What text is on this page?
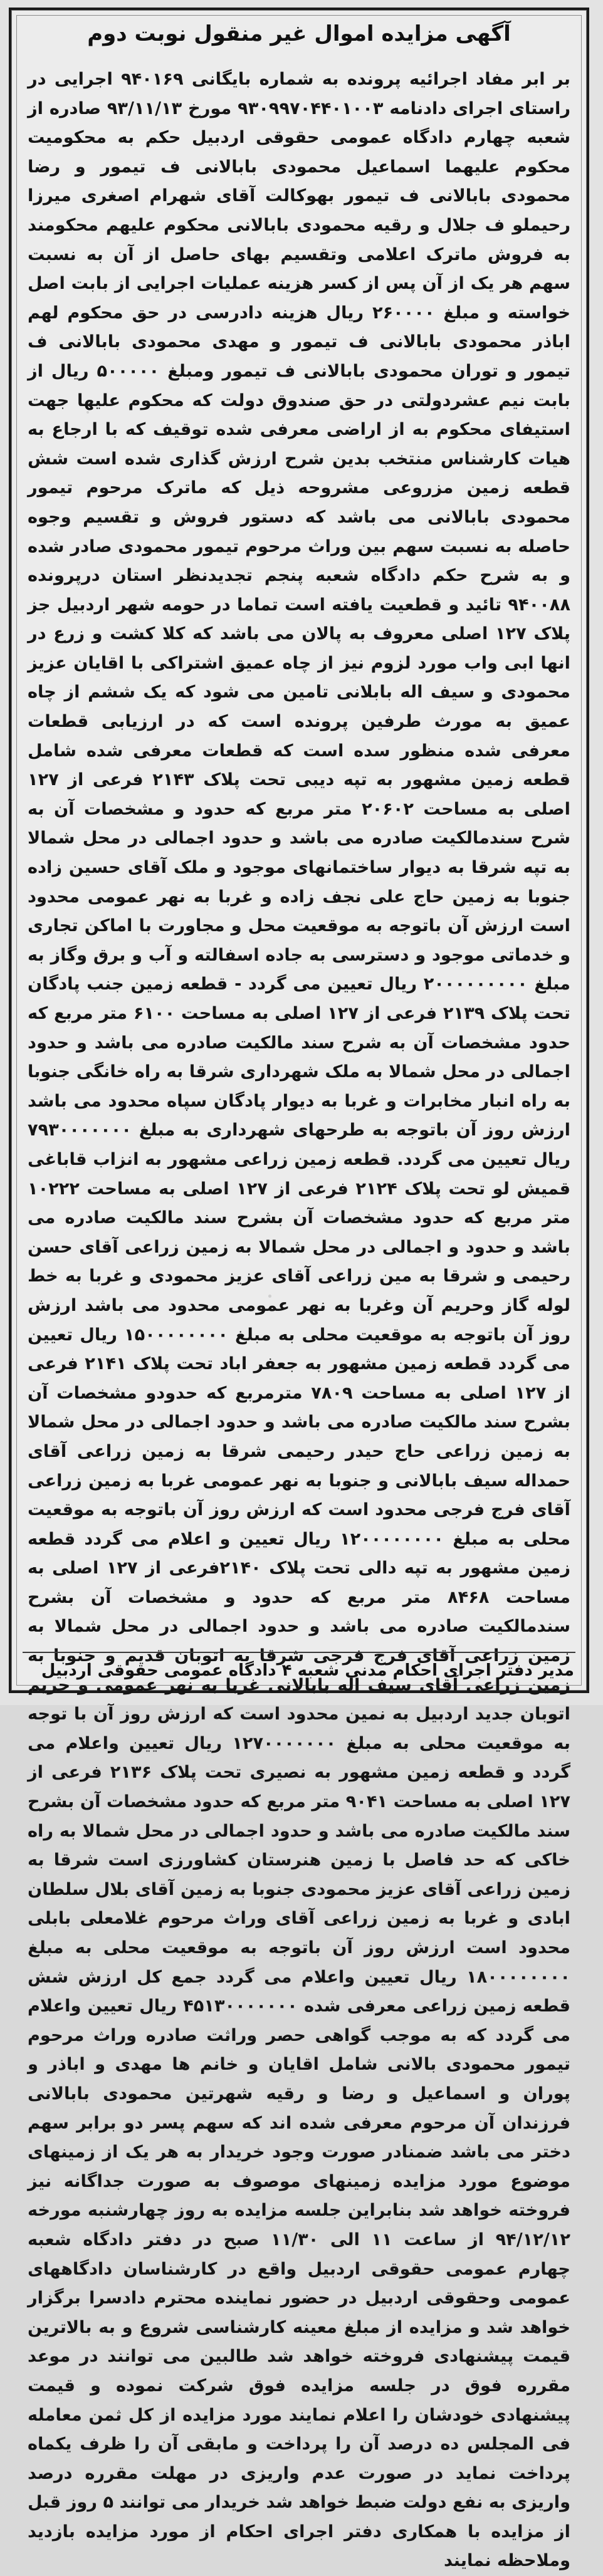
آگهی مزایده اموال غیر منقول نوبت دوم

بر ابر مفاد اجرائیه پرونده به شماره بایگانی ۹۴۰۱۶۹ اجرایی در راستای اجرای دادنامه ۹۳۰۹۹۷۰۴۴۰۱۰۰۳ مورخ ۹۳/۱۱/۱۳ صادره از شعبه چهارم دادگاه عمومی حقوقی اردبیل حکم به محکومیت محکوم علیهما اسماعیل محمودی بابالانی ف تیمور و رضا محمودی بابالانی ف تیمور بهوکالت آقای شهرام اصغری میرزا رحیملو ف جلال و رقیه محمودی بابالانی محکوم علیهم محکومند به فروش ماترک اعلامی وتقسیم بهای حاصل از آن به نسبت سهم هر یک از آن پس از کسر هزینه عملیات اجرایی از بابت اصل خواسته و مبلغ ۲۶۰۰۰۰ ریال هزینه دادرسی در حق محکوم لهم اباذر محمودی بابالانی ف تیمور و مهدی محمودی بابالانی ف تیمور و توران محمودی بابالانی ف تیمور ومبلغ ۵۰۰۰۰۰ ریال از بابت نیم عشردولتی در حق صندوق دولت که محکوم علیها جهت استیفای محکوم به از اراضی معرفی شده توقیف که با ارجاع به هیات کارشناس منتخب بدین شرح ارزش گذاری شده است شش قطعه زمین مزروعی مشروحه ذیل که ماترک مرحوم تیمور محمودی بابالانی می باشد که دستور فروش و تقسیم وجوه حاصله به نسبت سهم بین وراث مرحوم تیمور محمودی صادر شده و به شرح حکم دادگاه شعبه پنجم تجدیدنظر استان درپرونده ۹۴۰۰۸۸ تائید و قطعیت یافته است تماما در حومه شهر اردبیل جز پلاک ۱۲۷ اصلی معروف به پالان می باشد که کلا کشت و زرع در انها ابی واب مورد لزوم نیز از چاه عمیق اشتراکی با اقایان عزیز محمودی و سیف اله بابلانی تامین می شود که یک ششم از چاه عمیق به مورث طرفین پرونده است که در ارزیابی قطعات معرفی شده منظور سده است که قطعات معرفی شده شامل قطعه زمین مشهور به تپه دیبی تحت پلاک ۲۱۴۳ فرعی از ۱۲۷ اصلی به مساحت ۲۰۶۰۲ متر مربع که حدود و مشخصات آن به شرح سندمالکیت صادره می باشد و حدود اجمالی در محل شمالا به تپه شرقا به دیوار ساختمانهای موجود و ملک آقای حسین زاده جنوبا به زمین حاج علی نجف زاده و غربا به نهر عمومی محدود است ارزش آن باتوجه به موقعیت محل و مجاورت با اماکن تجاری و خدماتی موجود و دسترسی به جاده اسفالته و آب و برق وگاز به مبلغ ۲۰۰۰۰۰۰۰۰۰ ریال تعیین می گردد - قطعه زمین جنب پادگان تحت پلاک ۲۱۳۹ فرعی از ۱۲۷ اصلی به مساحت ۶۱۰۰ متر مربع که حدود مشخصات آن به شرح سند مالکیت صادره می باشد و حدود اجمالی در محل شمالا به ملک شهرداری شرقا به راه خانگی جنوبا به راه انبار مخابرات و غربا به دیوار پادگان سپاه محدود می باشد ارزش روز آن باتوجه به طرحهای شهرداری به مبلغ ۷۹۳۰۰۰۰۰۰۰ ریال تعیین می گردد. قطعه زمین زراعی مشهور به انزاب قاباغی قمیش لو تحت پلاک ۲۱۲۴ فرعی از ۱۲۷ اصلی به مساحت ۱۰۲۲۲ متر مربع که حدود مشخصات آن بشرح سند مالکیت صادره می باشد و حدود و اجمالی در محل شمالا به زمین زراعی آقای حسن رحیمی و شرقا به مین زراعی آقای عزیز محمودی و غربا به خط لوله گاز وحریم آن وغربا به نهر عمومی محدود می باشد ارزش روز آن باتوجه به موقعیت محلی به مبلغ ۱۵۰۰۰۰۰۰۰۰ ریال تعیین می گردد قطعه زمین مشهور به جعفر اباد تحت پلاک ۲۱۴۱ فرعی از ۱۲۷ اصلی به مساحت ۷۸۰۹ مترمربع که حدودو مشخصات آن بشرح سند مالکیت صادره می باشد و حدود اجمالی در محل شمالا به زمین زراعی حاج حیدر رحیمی شرقا به زمین زراعی آقای حمداله سیف بابالانی و جنوبا به نهر عمومی غربا به زمین زراعی آقای فرج فرجی محدود است که ارزش روز آن باتوجه به موقعیت محلی به مبلغ ۱۲۰۰۰۰۰۰۰۰ ریال تعیین و اعلام می گردد قطعه زمین مشهور به تپه دالی تحت پلاک ۲۱۴۰فرعی از ۱۲۷ اصلی به مساحت ۸۴۶۸ متر مربع که حدود و مشخصات آن بشرح سندمالکیت صادره می باشد و حدود اجمالی در محل شمالا به زمین زراعی آقای فرج فرجی شرقا به اتوبان قدیم و جنوبا به زمین زراعی آقای سیف اله بابالانی غربا به نهر عمومی و حریم اتوبان جدید اردبیل به نمین محدود است که ارزش روز آن با توجه به موقعیت محلی به مبلغ ۱۲۷۰۰۰۰۰۰۰ ریال تعیین واعلام می گردد و قطعه زمین مشهور به نصیری تحت پلاک ۲۱۳۶ فرعی از ۱۲۷ اصلی به مساحت ۹۰۴۱ متر مربع که حدود مشخصات آن بشرح سند مالکیت صادره می باشد و حدود اجمالی در محل شمالا به راه خاکی که حد فاصل با زمین هنرستان کشاورزی است شرقا به زمین زراعی آقای عزیز محمودی جنوبا به زمین آقای بلال سلطان ابادی و غربا به زمین زراعی آقای وراث مرحوم غلامعلی بابلی محدود است ارزش روز آن باتوجه به موقعیت محلی به مبلغ ۱۸۰۰۰۰۰۰۰۰ ریال تعیین واعلام می گردد جمع کل ارزش شش قطعه زمین زراعی معرفی شده ۴۵۱۳۰۰۰۰۰۰۰ ریال تعیین واعلام می گردد که به موجب گواهی حصر وراثت صادره وراث مرحوم تیمور محمودی بالانی شامل اقایان و خانم ها مهدی و اباذر و پوران و اسماعیل و رضا و رقیه شهرتین محمودی بابالانی فرزندان آن مرحوم معرفی شده اند که سهم پسر دو برابر سهم دختر می باشد ضمنادر صورت وجود خریدار به هر یک از زمینهای موضوع مورد مزایده زمینهای موصوف به صورت جداگانه نیز فروخته خواهد شد بنابراین جلسه مزایده به روز چهارشنبه مورخه ۹۴/۱۲/۱۲ از ساعت ۱۱ الی ۱۱/۳۰ صبح در دفتر دادگاه شعبه چهارم عمومی حقوقی اردبیل واقع در کارشناسان دادگاههای عمومی وحقوقی اردبیل در حضور نماینده محترم دادسرا برگزار خواهد شد و مزایده از مبلغ معینه کارشناسی شروع و به بالاترین قیمت پیشنهادی فروخته خواهد شد طالبین می توانند در موعد مقرره فوق در جلسه مزایده فوق شرکت نموده و قیمت پیشنهادی خودشان را اعلام نمایند مورد مزایده از کل ثمن معامله فی المجلس ده درصد آن را پرداخت و مابقی آن را ظرف یکماه پرداخت نماید در صورت عدم واریزی در مهلت مقرره درصد واریزی به نفع دولت ضبط خواهد شد خریدار می توانند ۵ روز قبل از مزایده با همکاری دفتر اجرای احکام از مورد مزایده بازدید وملاحظه نمایند

مدیر دفتر اجرای احکام مدنی شعبه ۴ دادگاه عمومی حقوقی اردبیل
